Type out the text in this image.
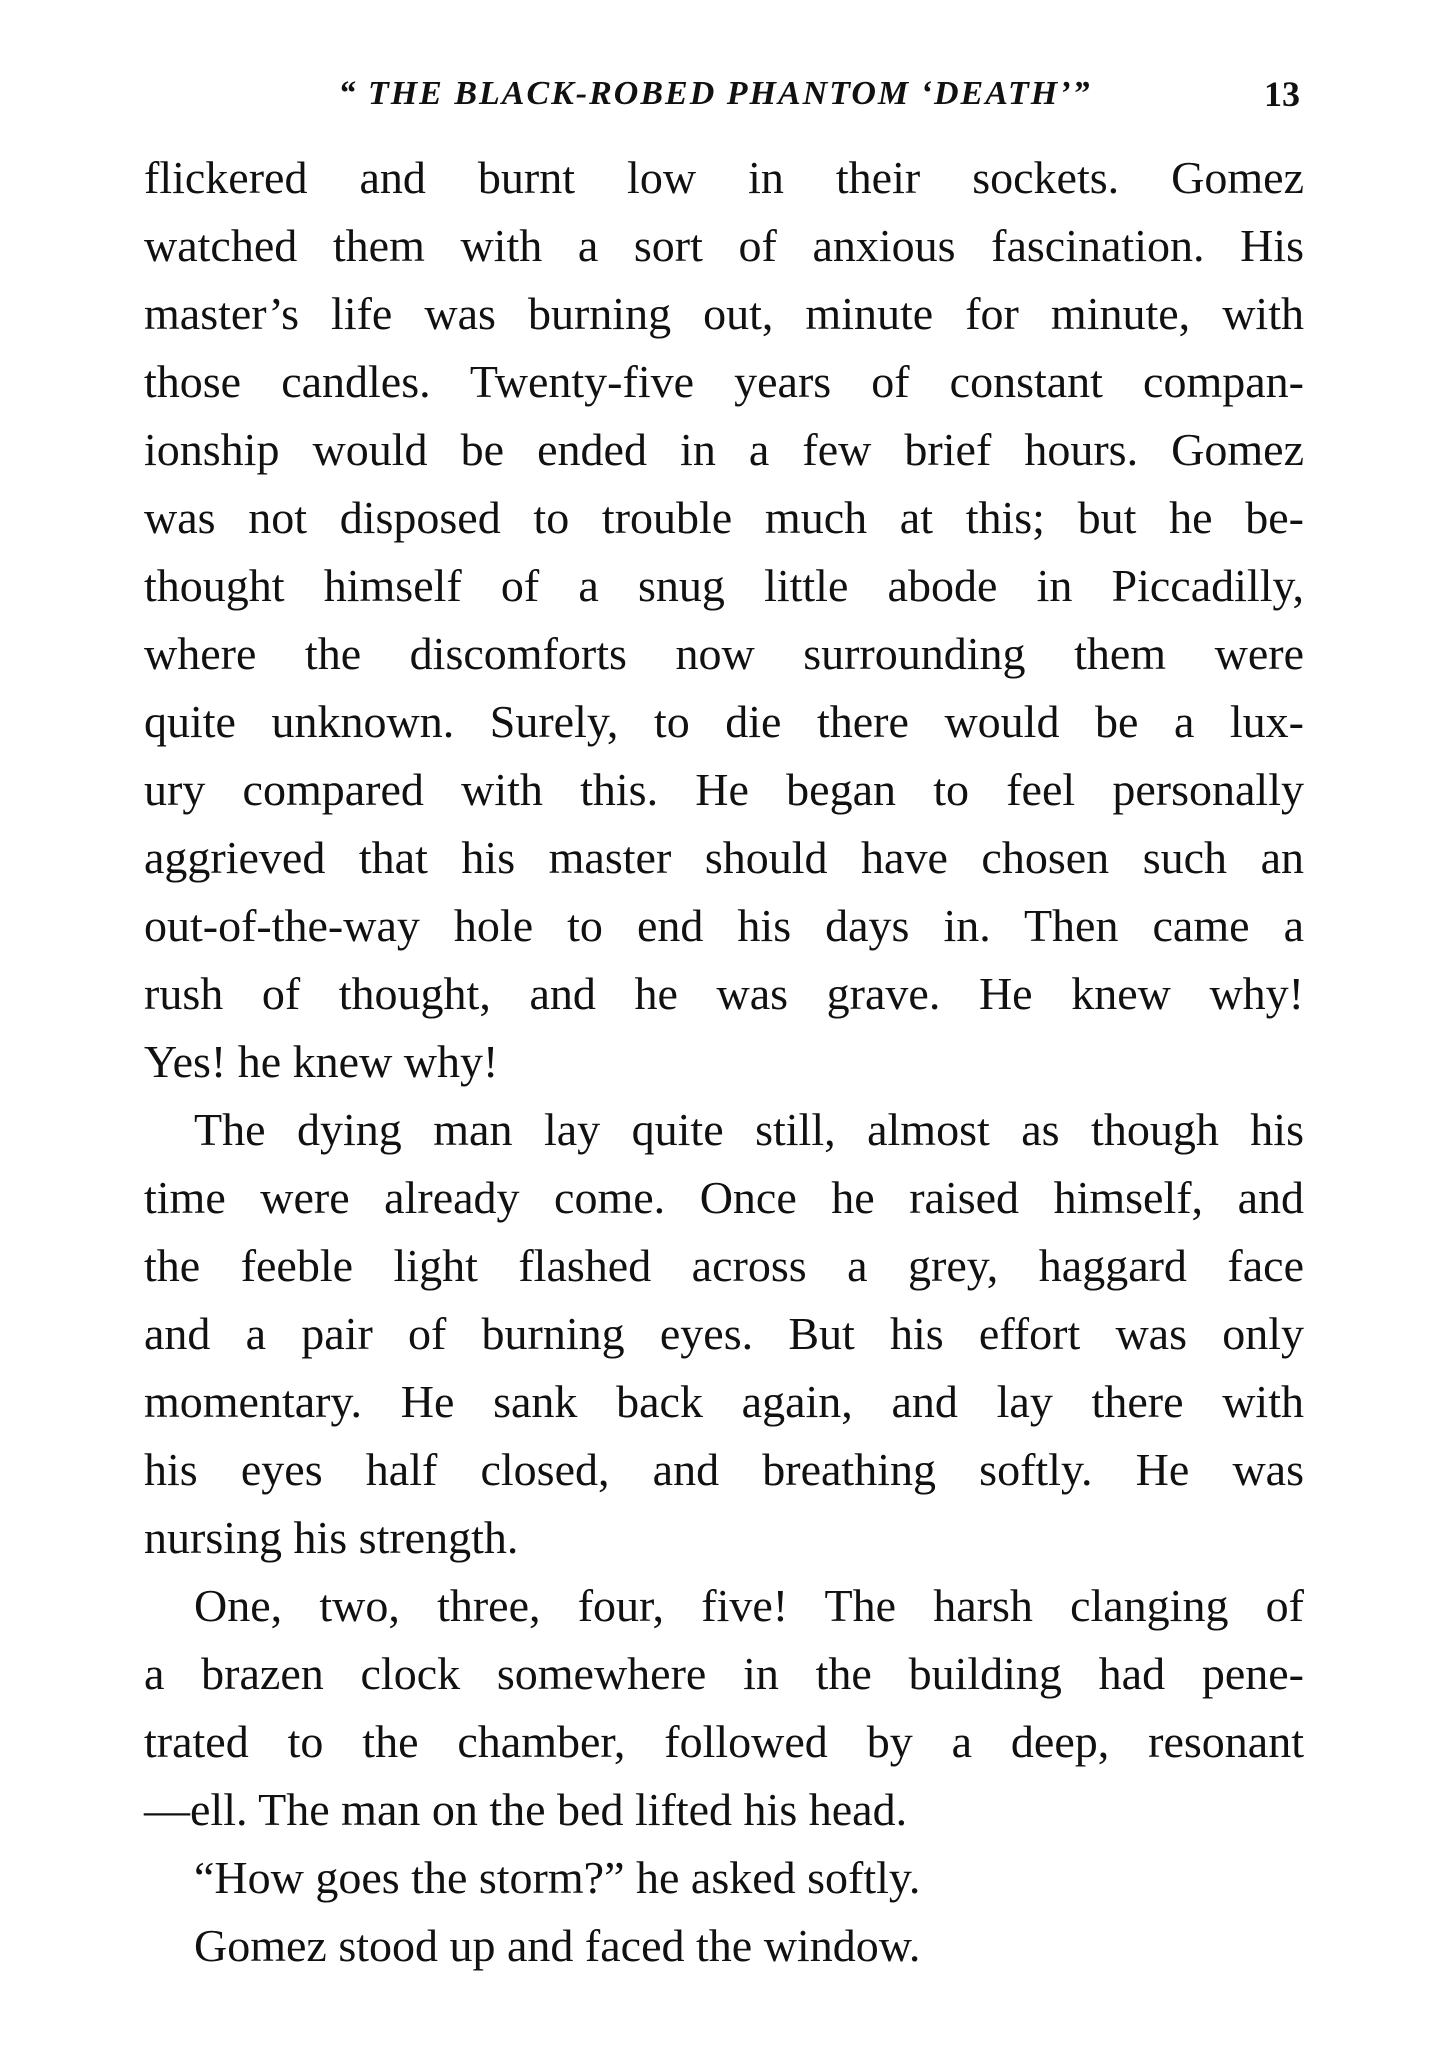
“ THE BLACK-ROBED PHANTOM ‘DEATH’”	13
flickered and burnt low in their sockets. Gomez
watched them with a sort of anxious fascination. His
master’s life was burning out, minute for minute, with
those candles. Twenty-five years of constant compan-
ionship would be ended in a few brief hours. Gomez
was not disposed to trouble much at this; but he be-
thought himself of a snug little abode in Piccadilly,
where the discomforts now surrounding them were
quite unknown. Surely, to die there would be a lux-
ury compared with this. He began to feel personally
aggrieved that his master should have chosen such an
out-of-the-way hole to end his days in. Then came a
rush of thought, and he was grave. He knew why!
Yes! he knew why!
The dying man lay quite still, almost as though his
time were already come. Once he raised himself, and
the feeble light flashed across a grey, haggard face
and a pair of burning eyes. But his effort was only
momentary. He sank back again, and lay there with
his eyes half closed, and breathing softly. He was
nursing his strength.
One, two, three, four, five! The harsh clanging of
a brazen clock somewhere in the building had pene-
trated to the chamber, followed by a deep, resonant
—ell. The man on the bed lifted his head.
“How goes the storm?” he asked softly.
Gomez stood up and faced the window.
